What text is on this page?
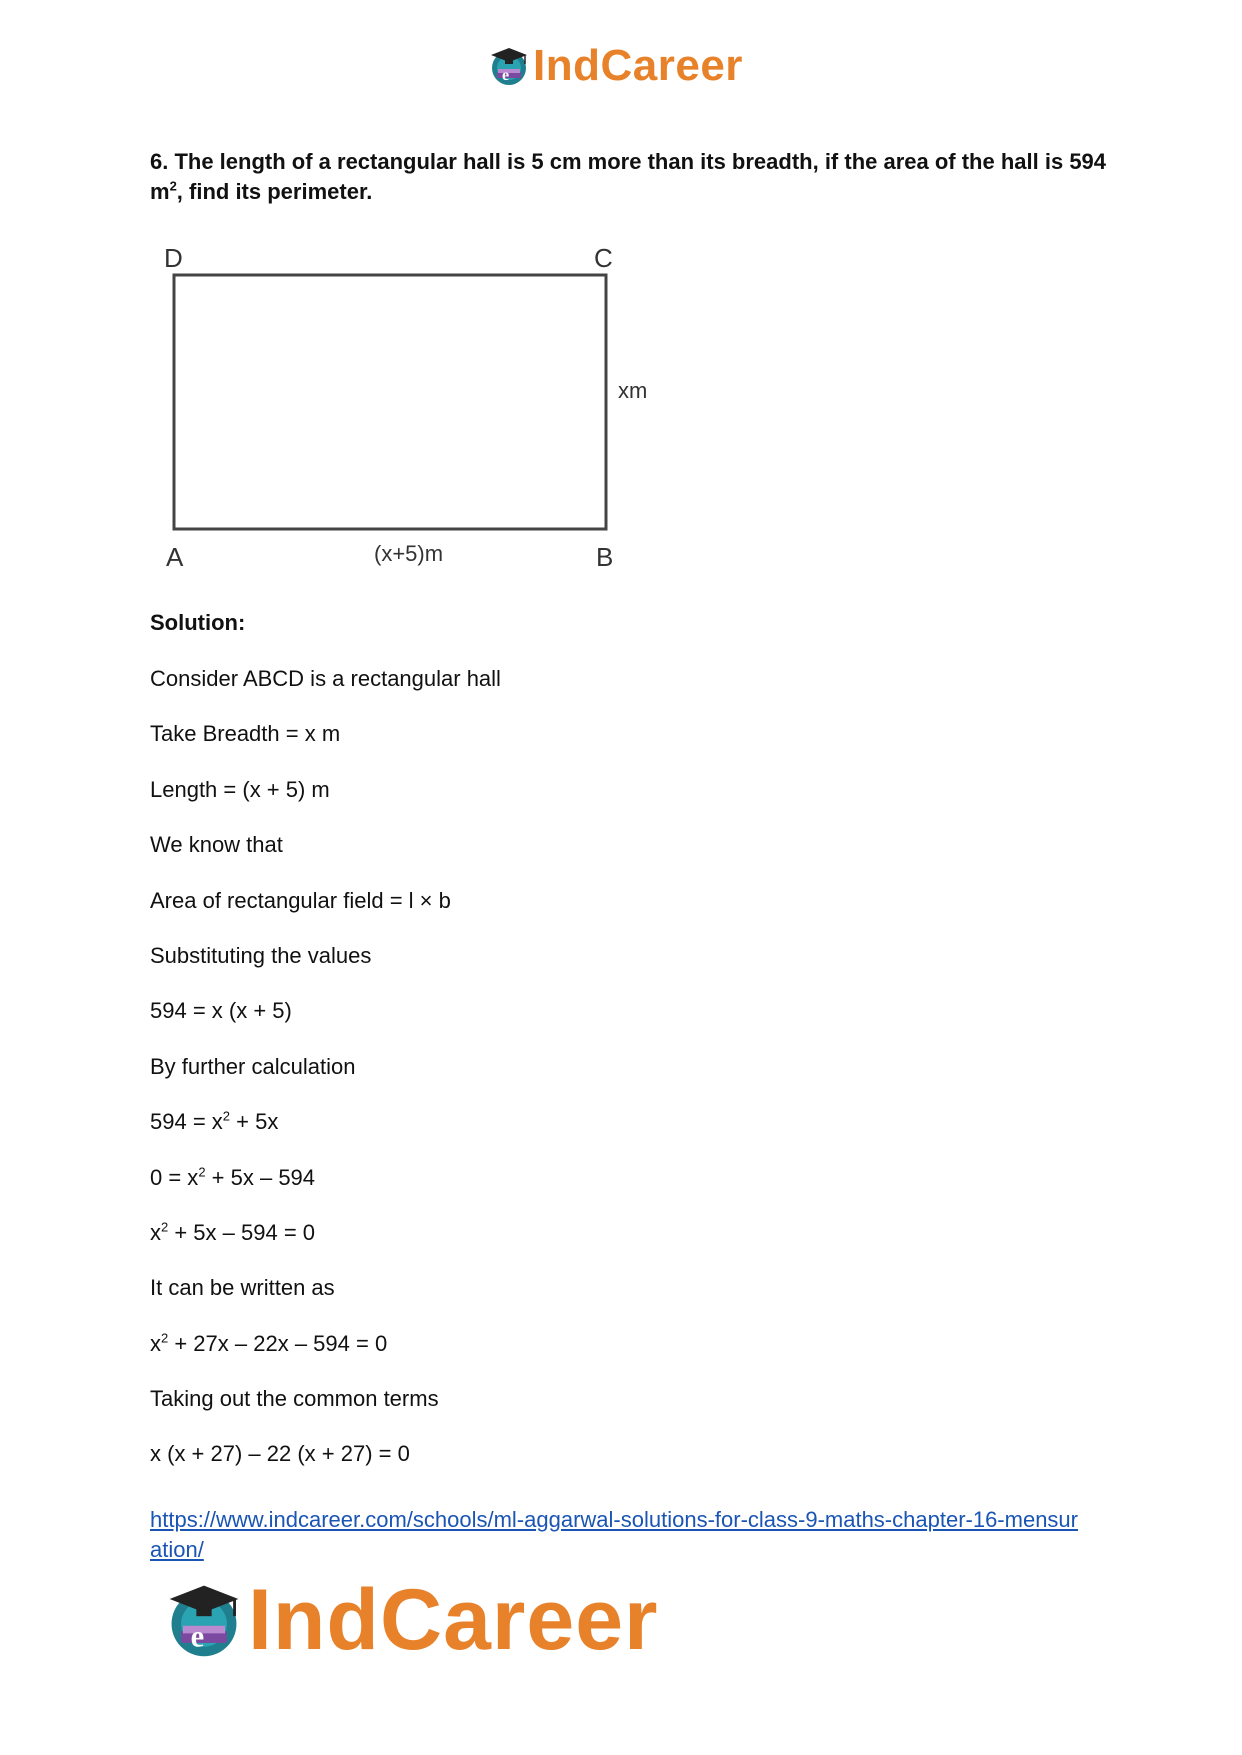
e IndCareer
6. The length of a rectangular hall is 5 cm more than its breadth, if the area of the hall is 594 $m^2$, find its perimeter.
D	C
A	B
xm
(x+5)m
Solution:
Consider ABCD is a rectangular hall
Take Breadth = x m
Length = (x + 5) m
We know that
Area of rectangular field = l × b
Substituting the values
594 = x (x + 5)
By further calculation
$594 = x^2 + 5x$
$0 = x^2 + 5x - 594$
$x^2 + 5x - 594 = 0$
It can be written as
$x^2 + 27x - 22x - 594 = 0$
Taking out the common terms
x (x + 27) – 22 (x + 27) = 0
https://www.indcareer.com/schools/ml-aggarwal-solutions-for-class-9-maths-chapter-16-mensuration/
e IndCareer
